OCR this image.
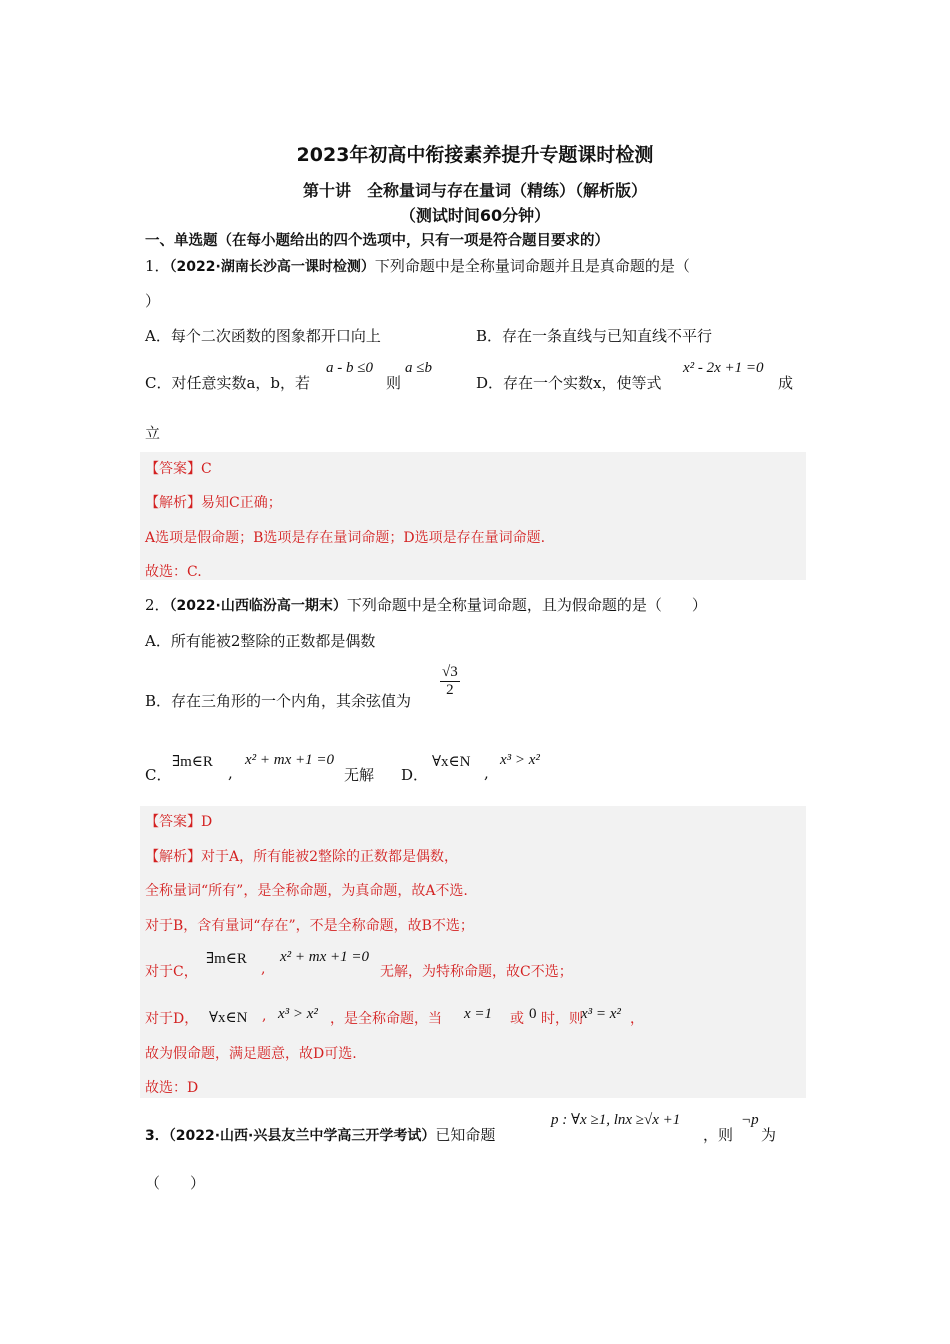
2023年初高中衔接素养提升专题课时检测
第十讲　全称量词与存在量词（精练）（解析版）
（测试时间60分钟）
一、单选题（在每小题给出的四个选项中，只有一项是符合题目要求的）
1．（2022·湖南长沙高一课时检测）下列命题中是全称量词命题并且是真命题的是（
）
A．每个二次函数的图象都开口向上	B．存在一条直线与已知直线不平行
C．对任意实数a，b，若
a - b ≤0
则
a ≤b
D．存在一个实数x，使等式
x² - 2x +1 =0
成
立
【答案】C
【解析】易知C正确；
A选项是假命题；B选项是存在量词命题；D选项是存在量词命题.
故选：C.
2．（2022·山西临汾高一期末）下列命题中是全称量词命题，且为假命题的是（　　）
A．所有能被2整除的正数都是偶数
B．存在三角形的一个内角，其余弦值为
$\frac{√3}{2}$
C．
∃m∈R
,
x² + mx +1 =0
无解 D．
∀x∈N
,
x³ > x²
【答案】D
【解析】对于A，所有能被2整除的正数都是偶数，
全称量词“所有”，是全称命题，为真命题，故A不选.
对于B，含有量词“存在”，不是全称命题，故B不选；
对于C，
∃m∈R
,
x² + mx +1 =0
无解，为特称命题，故C不选；
对于D， ∀x∈N , x³ > x² ，是全称命题，当 x =1 或 0 时，则
x³ = x² ，
故为假命题，满足题意，故D可选.
故选：D
3．（2022·山西·兴县友兰中学高三开学考试）已知命题
p : ∀x ≥1, lnx ≥√x +1
，则
¬p
为
（　　）
